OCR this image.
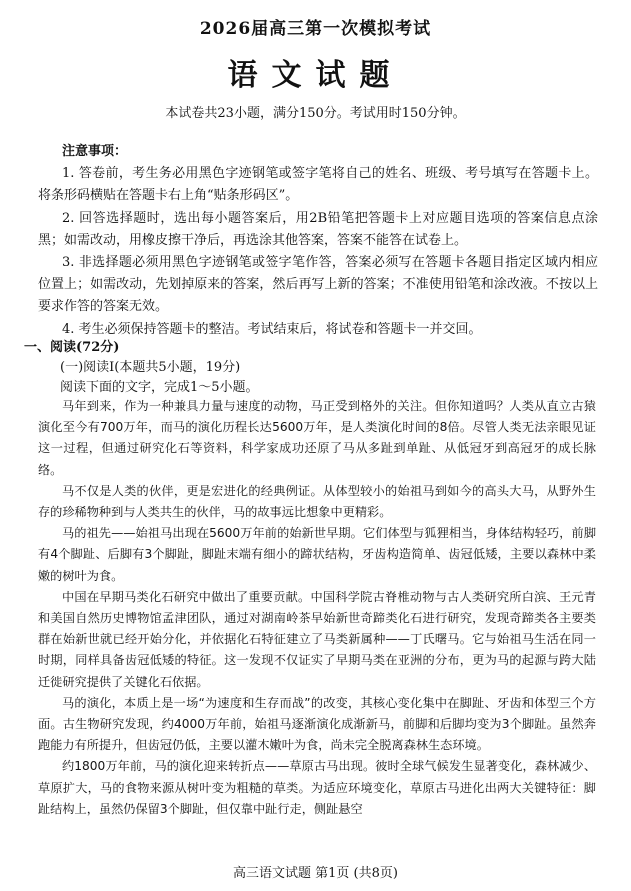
2026届高三第一次模拟考试
语文试题
本试卷共23小题，满分150分。考试用时150分钟。
注意事项：
1. 答卷前，考生务必用黑色字迹钢笔或签字笔将自己的姓名、班级、考号填写在答题卡上。将条形码横贴在答题卡右上角“贴条形码区”。
2. 回答选择题时，选出每小题答案后，用2B铅笔把答题卡上对应题目选项的答案信息点涂黑；如需改动，用橡皮擦干净后，再选涂其他答案，答案不能答在试卷上。
3. 非选择题必须用黑色字迹钢笔或签字笔作答，答案必须写在答题卡各题目指定区域内相应位置上；如需改动，先划掉原来的答案，然后再写上新的答案；不准使用铅笔和涂改液。不按以上要求作答的答案无效。
4. 考生必须保持答题卡的整洁。考试结束后，将试卷和答题卡一并交回。
一、阅读(72分)
(一)阅读Ⅰ(本题共5小题，19分)
阅读下面的文字，完成1～5小题。

马年到来，作为一种兼具力量与速度的动物，马正受到格外的关注。但你知道吗？人类从直立古猿演化至今有700万年，而马的演化历程长达5600万年，是人类演化时间的8倍。尽管人类无法亲眼见证这一过程，但通过研究化石等资料，科学家成功还原了马从多趾到单趾、从低冠牙到高冠牙的成长脉络。

马不仅是人类的伙伴，更是宏进化的经典例证。从体型较小的始祖马到如今的高头大马，从野外生存的珍稀物种到与人类共生的伙伴，马的故事远比想象中更精彩。

马的祖先——始祖马出现在5600万年前的始新世早期。它们体型与狐狸相当，身体结构轻巧，前脚有4个脚趾、后脚有3个脚趾，脚趾末端有细小的蹄状结构，牙齿构造简单、齿冠低矮，主要以森林中柔嫩的树叶为食。

中国在早期马类化石研究中做出了重要贡献。中国科学院古脊椎动物与古人类研究所白滨、王元青和美国自然历史博物馆孟津团队，通过对湖南岭茶早始新世奇蹄类化石进行研究，发现奇蹄类各主要类群在始新世就已经开始分化，并依据化石特征建立了马类新属种——丁氏曙马。它与始祖马生活在同一时期，同样具备齿冠低矮的特征。这一发现不仅证实了早期马类在亚洲的分布，更为马的起源与跨大陆迁徙研究提供了关键化石依据。

马的演化，本质上是一场“为速度和生存而战”的改变，其核心变化集中在脚趾、牙齿和体型三个方面。古生物研究发现，约4000万年前，始祖马逐渐演化成渐新马，前脚和后脚均变为3个脚趾。虽然奔跑能力有所提升，但齿冠仍低，主要以灌木嫩叶为食，尚未完全脱离森林生态环境。

约1800万年前，马的演化迎来转折点——草原古马出现。彼时全球气候发生显著变化，森林减少、草原扩大，马的食物来源从树叶变为粗糙的草类。为适应环境变化，草原古马进化出两大关键特征：脚趾结构上，虽然仍保留3个脚趾，但仅靠中趾行走，侧趾悬空

高三语文试题 第1页 (共8页)
